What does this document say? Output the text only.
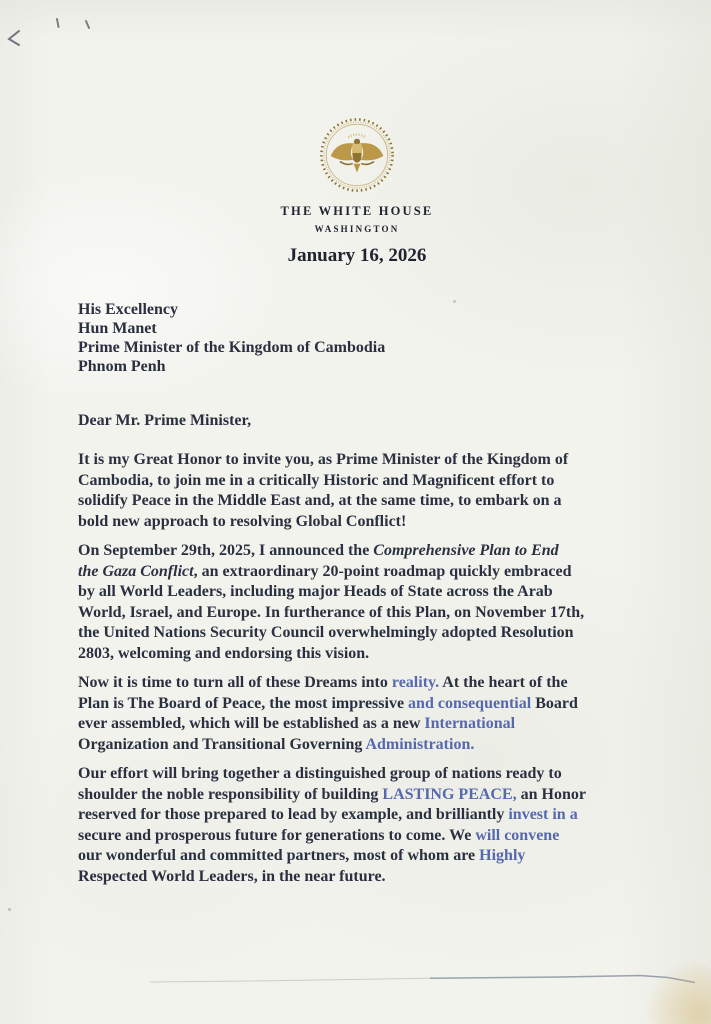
THE WHITE HOUSE
WASHINGTON
January 16, 2026
His Excellency
Hun Manet
Prime Minister of the Kingdom of Cambodia
Phnom Penh
Dear Mr. Prime Minister,

It is my Great Honor to invite you, as Prime Minister of the Kingdom of
Cambodia, to join me in a critically Historic and Magnificent effort to
solidify Peace in the Middle East and, at the same time, to embark on a
bold new approach to resolving Global Conflict!

On September 29th, 2025, I announced the Comprehensive Plan to End
the Gaza Conflict, an extraordinary 20-point roadmap quickly embraced
by all World Leaders, including major Heads of State across the Arab
World, Israel, and Europe. In furtherance of this Plan, on November 17th,
the United Nations Security Council overwhelmingly adopted Resolution
2803, welcoming and endorsing this vision.

Now it is time to turn all of these Dreams into reality. At the heart of the
Plan is The Board of Peace, the most impressive and consequential Board
ever assembled, which will be established as a new International
Organization and Transitional Governing Administration.

Our effort will bring together a distinguished group of nations ready to
shoulder the noble responsibility of building LASTING PEACE, an Honor
reserved for those prepared to lead by example, and brilliantly invest in a
secure and prosperous future for generations to come. We will convene
our wonderful and committed partners, most of whom are Highly
Respected World Leaders, in the near future.
